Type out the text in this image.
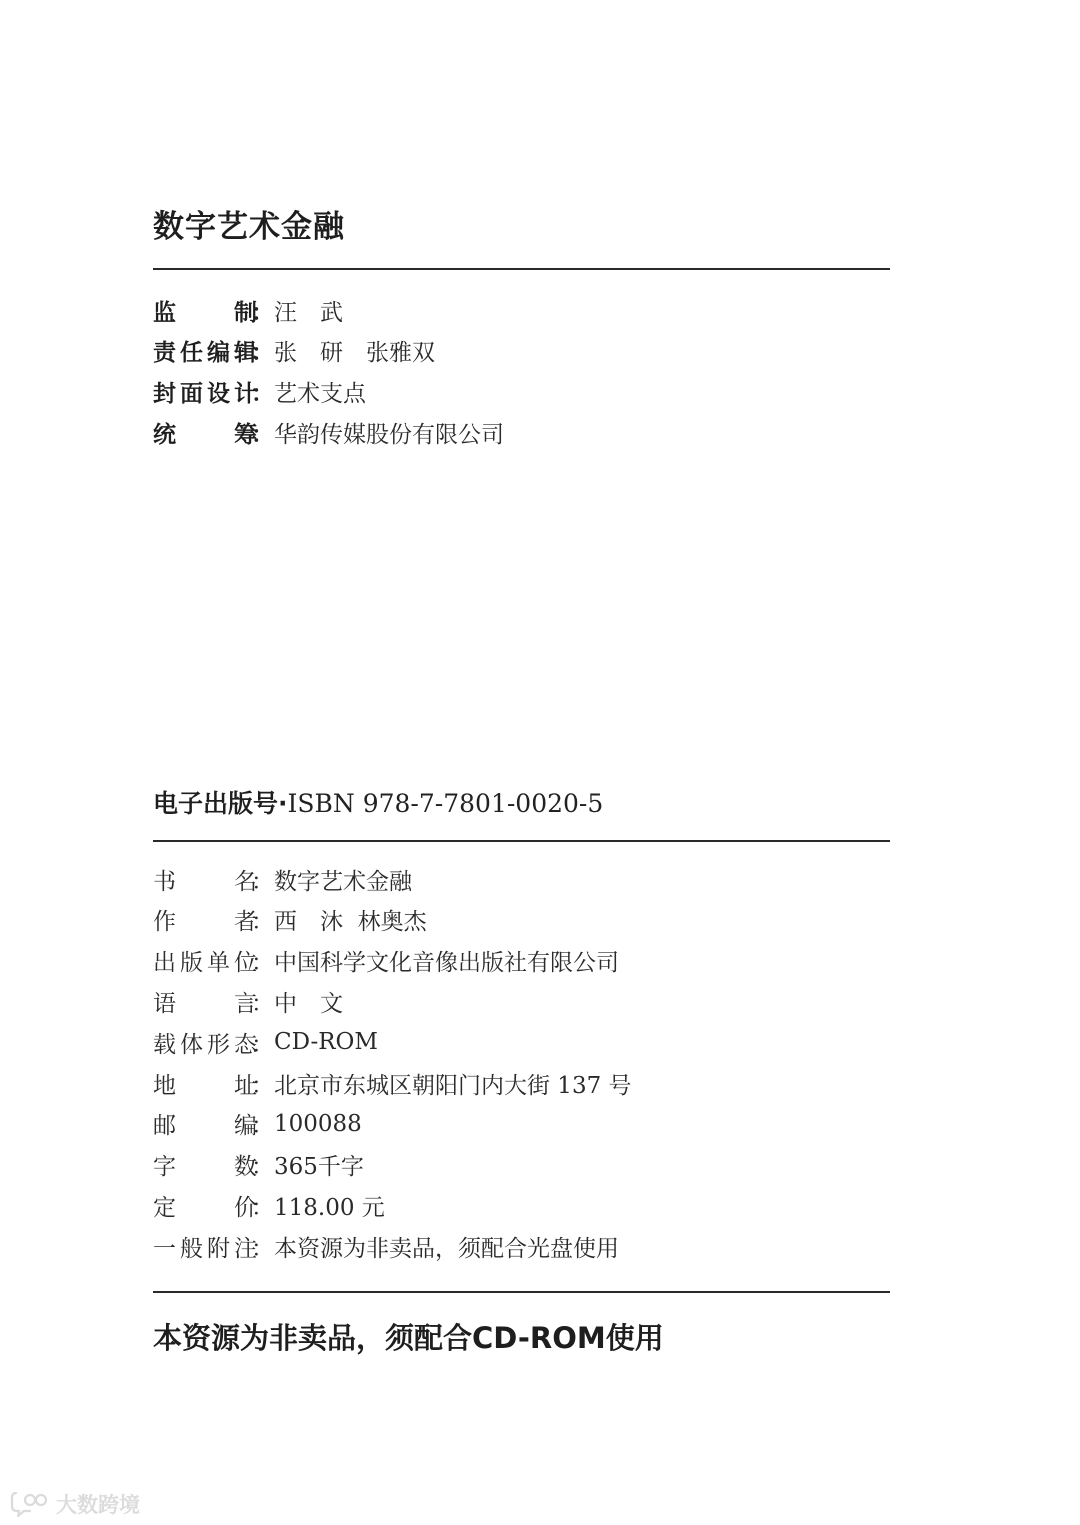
数字艺术金融
监	制
： 汪　武
责 任 编 辑
： 张　研　张雅双
封 面 设 计
： 艺术支点
统	筹
： 华韵传媒股份有限公司

电子出版号·ISBN 978-7-7801-0020-5

书	名
： 数字艺术金融
作	者
： 西　沐  林奥杰
出 版 单 位
： 中国科学文化音像出版社有限公司
语	言
： 中　文
载 体 形 态
： CD-ROM
地	址
： 北京市东城区朝阳门内大街 137 号
邮	编
： 100088
字	数
： 365千字
定	价
： 118.00 元
一 般 附 注
： 本资源为非卖品，须配合光盘使用

本资源为非卖品，须配合CD-ROM使用

大数跨境
